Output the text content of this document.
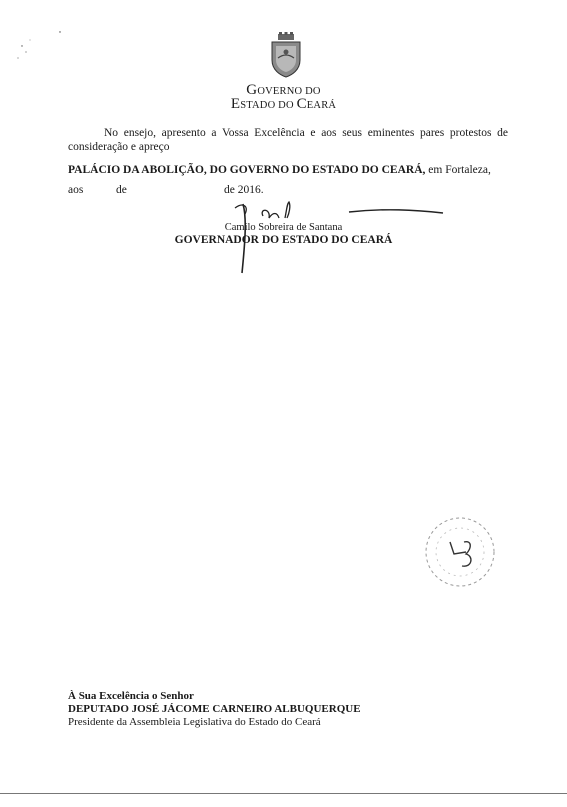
GOVERNO DO
ESTADO DO CEARÁ
No ensejo, apresento a Vossa Excelência e aos seus eminentes pares protestos de consideração e apreço
PALÁCIO DA ABOLIÇÃO, DO GOVERNO DO ESTADO DO CEARÁ, em Fortaleza,
aos	de	de 2016.
Camilo Sobreira de Santana
GOVERNADOR DO ESTADO DO CEARÁ
À Sua Excelência o Senhor
DEPUTADO JOSÉ JÁCOME CARNEIRO ALBUQUERQUE
Presidente da Assembleia Legislativa do Estado do Ceará
